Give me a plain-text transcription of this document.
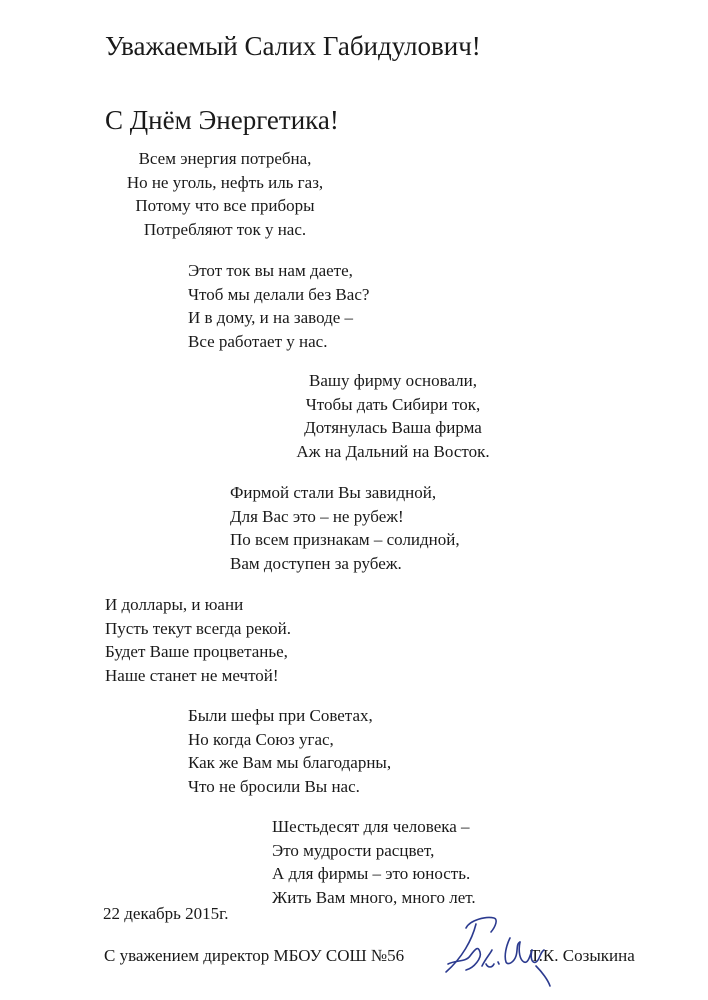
Уважаемый Салих Габидулович!
С Днём Энергетика!
Всем энергия потребна,
Но не уголь, нефть иль газ,
Потому что все приборы
Потребляют ток у нас.
Этот ток вы нам даете,
Чтоб мы делали без Вас?
И в дому, и на заводе –
Все работает у нас.
Вашу фирму основали,
Чтобы дать Сибири ток,
Дотянулась Ваша фирма
Аж на Дальний на Восток.
Фирмой стали Вы завидной,
Для Вас это – не рубеж!
По всем признакам – солидной,
Вам доступен за рубеж.
И доллары, и юани
Пусть текут всегда рекой.
Будет Ваше процветанье,
Наше станет не мечтой!
Были шефы при Советах,
Но когда Союз угас,
Как же Вам мы благодарны,
Что не бросили Вы нас.
Шестьдесят для человека –
Это мудрости расцвет,
А для фирмы – это юность.
Жить Вам много, много лет.
22 декабрь 2015г.
С уважением директор МБОУ СОШ №56	Т.К. Созыкина
